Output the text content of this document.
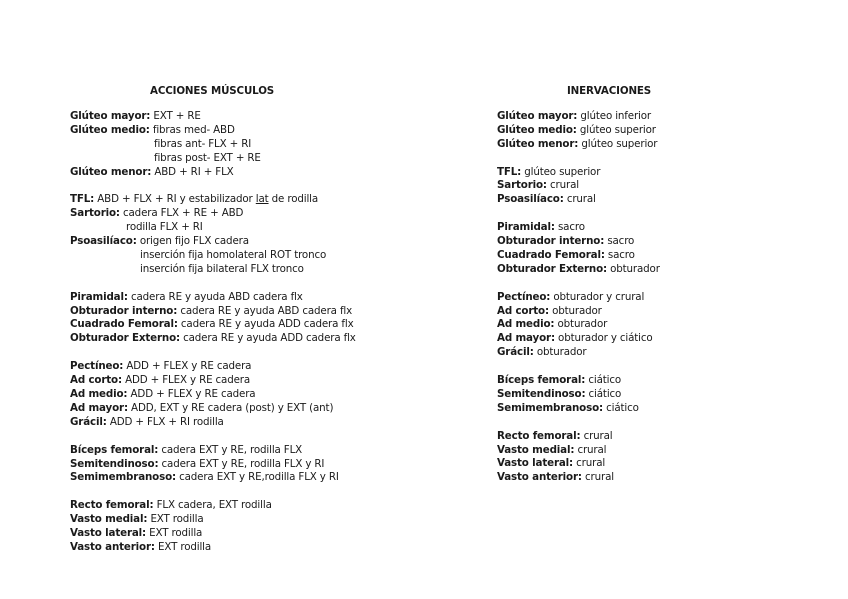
ACCIONES MÚSCULOS
Glúteo mayor: EXT + RE
Glúteo medio: fibras med- ABD
fibras ant- FLX + RI
fibras post- EXT + RE
Glúteo menor: ABD + RI + FLX
TFL: ABD + FLX + RI y estabilizador lat de rodilla
Sartorio: cadera FLX + RE + ABD
rodilla FLX + RI
Psoasilíaco: origen fijo FLX cadera
inserción fija homolateral ROT tronco
inserción fija bilateral FLX tronco
Piramidal: cadera RE y ayuda ABD cadera flx
Obturador interno: cadera RE y ayuda ABD cadera flx
Cuadrado Femoral: cadera RE y ayuda ADD cadera flx
Obturador Externo: cadera RE y ayuda ADD cadera flx
Pectíneo: ADD + FLEX y RE cadera
Ad corto: ADD + FLEX y RE cadera
Ad medio: ADD + FLEX y RE cadera
Ad mayor: ADD, EXT y RE cadera (post) y EXT (ant)
Grácil: ADD + FLX + RI rodilla
Bíceps femoral: cadera EXT y RE, rodilla FLX
Semitendinoso: cadera EXT y RE, rodilla FLX y RI
Semimembranoso: cadera EXT y RE,rodilla FLX y RI
Recto femoral: FLX cadera, EXT rodilla
Vasto medial: EXT rodilla
Vasto lateral: EXT rodilla
Vasto anterior: EXT rodilla
INERVACIONES
Glúteo mayor: glúteo inferior
Glúteo medio: glúteo superior
Glúteo menor: glúteo superior
TFL: glúteo superior
Sartorio: crural
Psoasilíaco: crural
Piramidal: sacro
Obturador interno: sacro
Cuadrado Femoral: sacro
Obturador Externo: obturador
Pectíneo: obturador y crural
Ad corto: obturador
Ad medio: obturador
Ad mayor: obturador y ciático
Grácil: obturador
Bíceps femoral: ciático
Semitendinoso: ciático
Semimembranoso: ciático
Recto femoral: crural
Vasto medial: crural
Vasto lateral: crural
Vasto anterior: crural
